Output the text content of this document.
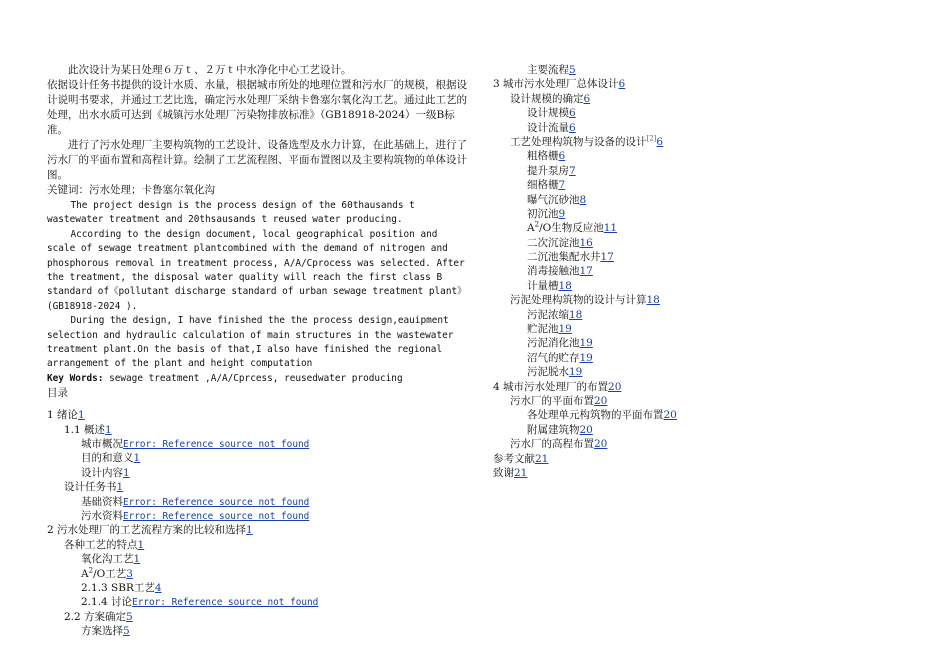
此次设计为某日处理６万ｔ、２万ｔ中水净化中心工艺设计。

依据设计任务书提供的设计水质、水量，根据城市所处的地理位置和污水厂的规模，根据设计说明书要求，并通过工艺比选，确定污水处理厂采纳卡鲁塞尔氧化沟工艺。通过此工艺的处理，出水水质可达到《城镇污水处理厂污染物排放标准》（GB18918-2024）一级B标准。

进行了污水处理厂主要构筑物的工艺设计、设备选型及水力计算，在此基础上，进行了污水厂的平面布置和高程计算。绘制了工艺流程图、平面布置图以及主要构筑物的单体设计图。

关键词：污水处理；卡鲁塞尔氧化沟

The project design is the process design of the 60thausands t wastewater treatment and 20thsausands t reused water producing.

According to the design document, local geographical position and scale of sewage treatment plantcombined with the demand of nitrogen and phosphorous removal in treatment process, A/A/Cprocess was selected. After the treatment, the disposal water quality will reach the first class B standard of《pollutant discharge standard of urban sewage treatment plant》(GB18918-2024 ).

During the design, I have finished the the process design,eauipment selection and hydraulic calculation of main structures in the wastewater treatment plant.On the basis of that,I also have finished the regional arrangement of the plant and height computation

Key Words: sewage treatment ,A/A/Cprcess, reusedwater producing
目录
1 绪论1
1.1 概述1
城市概况Error: Reference source not found
目的和意义1
设计内容1
设计任务书1
基础资料Error: Reference source not found
污水资料Error: Reference source not found
2 污水处理厂的工艺流程方案的比较和选择1
各种工艺的特点1
氧化沟工艺1
$A^2/O$工艺3
2.1.3 SBR工艺4
2.1.4 讨论Error: Reference source not found
2.2 方案确定5
方案选择5
主要流程5
3 城市污水处理厂总体设计6
设计规模的确定6
设计规模6
设计流量6
工艺处理构筑物与设备的设计[2]6
粗格栅6
提升泵房7
细格栅7
曝气沉砂池8
初沉池9
$A^2/O$生物反应池11
二次沉淀池16
二沉池集配水井17
消毒接触池17
计量槽18
污泥处理构筑物的设计与计算18
污泥浓缩18
贮泥池19
污泥消化池19
沼气的贮存19
污泥脱水19
4 城市污水处理厂的布置20
污水厂的平面布置20
各处理单元构筑物的平面布置20
附属建筑物20
污水厂的高程布置20
参考文献21
致谢21
